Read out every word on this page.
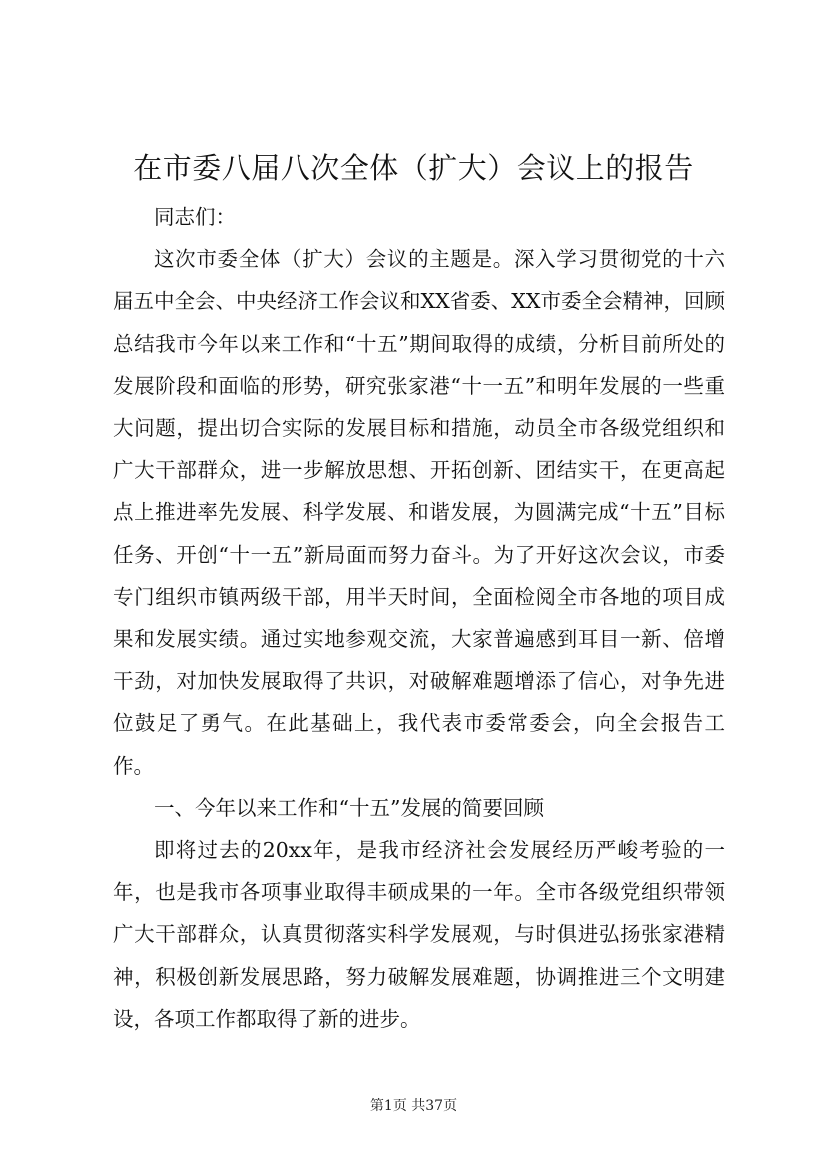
在市委八届八次全体（扩大）会议上的报告

同志们：

这次市委全体（扩大）会议的主题是。深入学习贯彻党的十六届五中全会、中央经济工作会议和XX省委、XX市委全会精神，回顾总结我市今年以来工作和“十五”期间取得的成绩，分析目前所处的发展阶段和面临的形势，研究张家港“十一五”和明年发展的一些重大问题，提出切合实际的发展目标和措施，动员全市各级党组织和广大干部群众，进一步解放思想、开拓创新、团结实干，在更高起点上推进率先发展、科学发展、和谐发展，为圆满完成“十五”目标任务、开创“十一五”新局面而努力奋斗。为了开好这次会议，市委专门组织市镇两级干部，用半天时间，全面检阅全市各地的项目成果和发展实绩。通过实地参观交流，大家普遍感到耳目一新、倍增干劲，对加快发展取得了共识，对破解难题增添了信心，对争先进位鼓足了勇气。在此基础上，我代表市委常委会，向全会报告工作。

一、今年以来工作和“十五”发展的简要回顾

即将过去的20xx年，是我市经济社会发展经历严峻考验的一年，也是我市各项事业取得丰硕成果的一年。全市各级党组织带领广大干部群众，认真贯彻落实科学发展观，与时俱进弘扬张家港精神，积极创新发展思路，努力破解发展难题，协调推进三个文明建设，各项工作都取得了新的进步。

第1页 共37页
